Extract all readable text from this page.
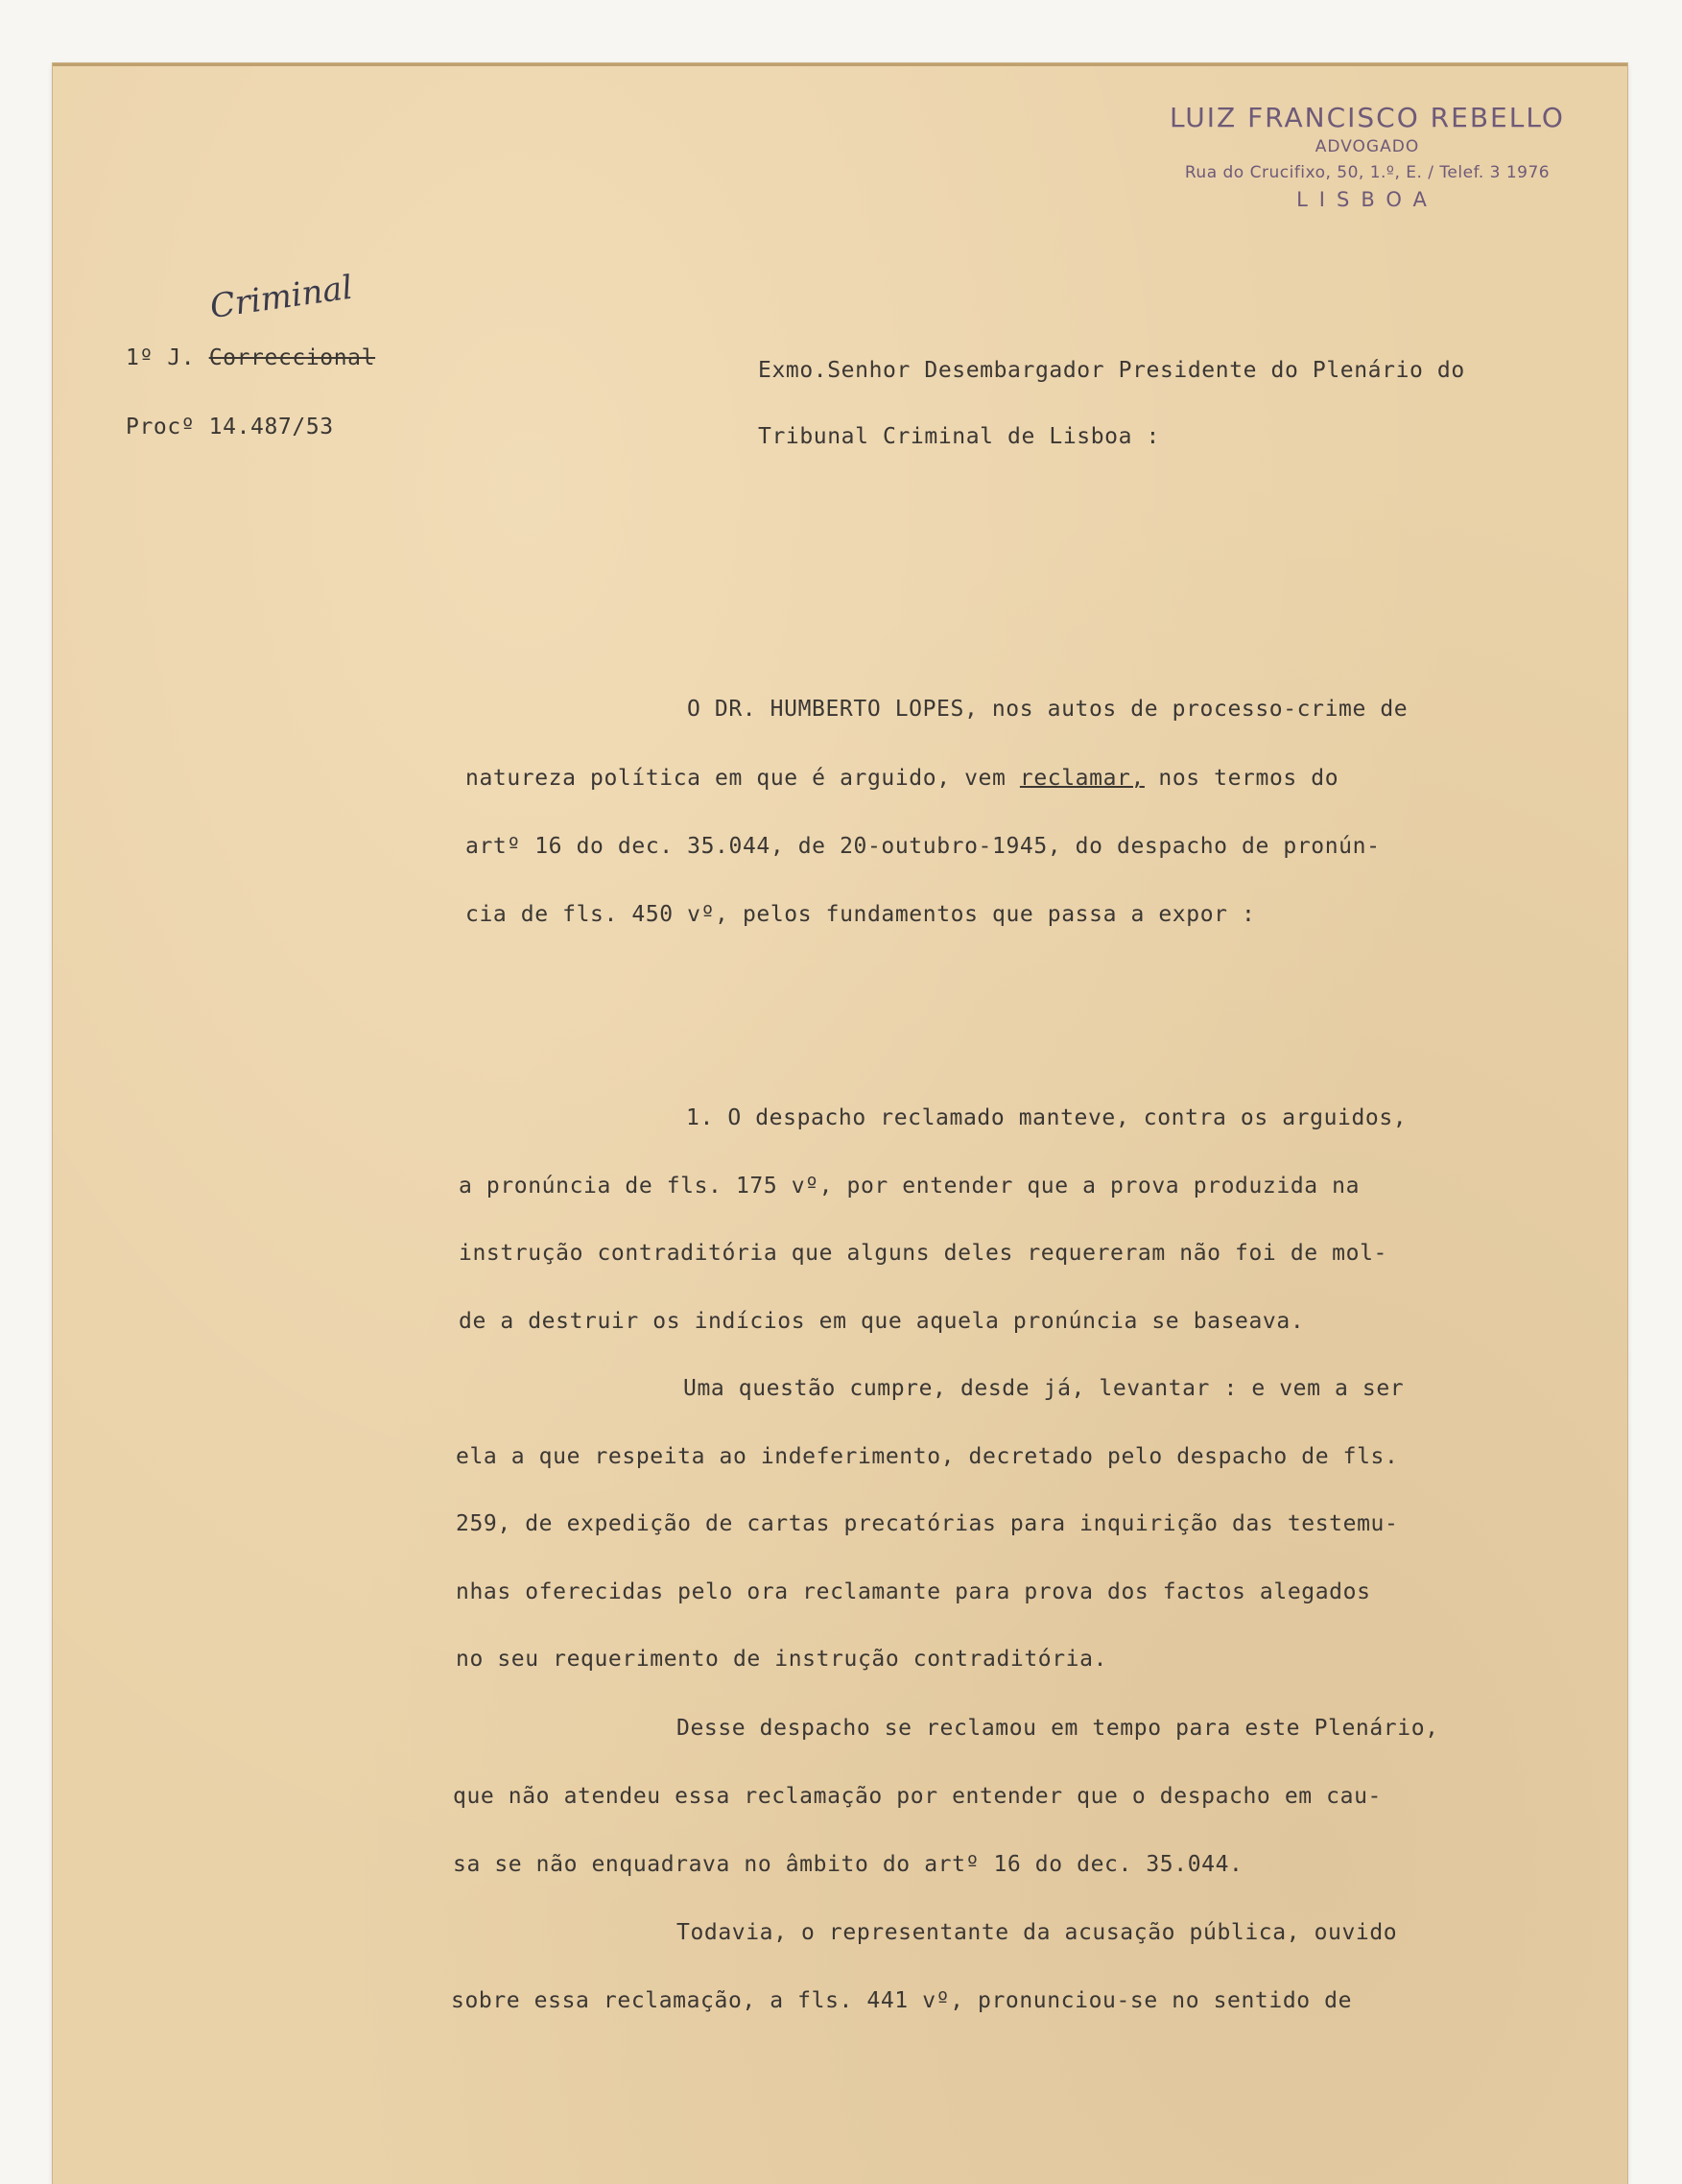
LUIZ FRANCISCO REBELLO
ADVOGADO
Rua do Crucifixo, 50, 1.º, E. / Telef. 3 1976
LISBOA
Criminal
1º J. Correccional
Procº 14.487/53
Exmo.Senhor Desembargador Presidente do Plenário do
Tribunal Criminal de Lisboa :
O DR. HUMBERTO LOPES, nos autos de processo-crime de
natureza política em que é arguido, vem reclamar, nos termos do
artº 16 do dec. 35.044, de 20-outubro-1945, do despacho de pronún-
cia de fls. 450 vº, pelos fundamentos que passa a expor :
1. O despacho reclamado manteve, contra os arguidos,
a pronúncia de fls. 175 vº, por entender que a prova produzida na
instrução contraditória que alguns deles requereram não foi de mol-
de a destruir os indícios em que aquela pronúncia se baseava.
Uma questão cumpre, desde já, levantar : e vem a ser
ela a que respeita ao indeferimento, decretado pelo despacho de fls.
259, de expedição de cartas precatórias para inquirição das testemu-
nhas oferecidas pelo ora reclamante para prova dos factos alegados
no seu requerimento de instrução contraditória.
Desse despacho se reclamou em tempo para este Plenário,
que não atendeu essa reclamação por entender que o despacho em cau-
sa se não enquadrava no âmbito do artº 16 do dec. 35.044.
Todavia, o representante da acusação pública, ouvido
sobre essa reclamação, a fls. 441 vº, pronunciou-se no sentido de
